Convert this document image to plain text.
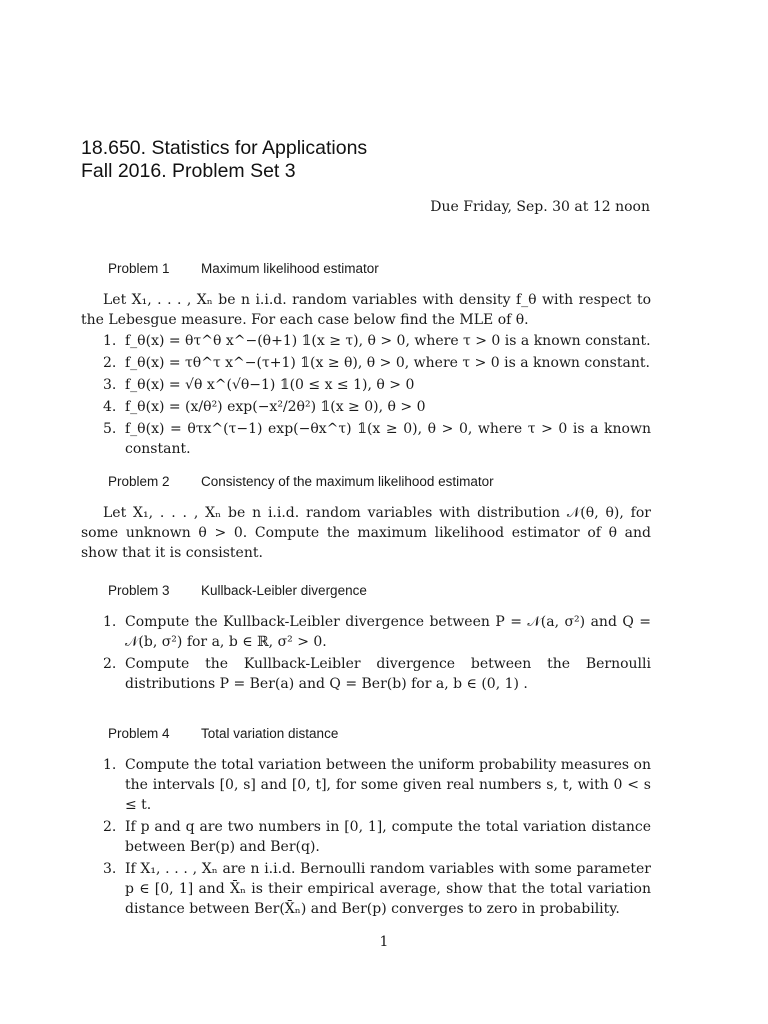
18.650. Statistics for Applications
Fall 2016. Problem Set 3
Due Friday, Sep. 30 at 12 noon
Problem 1 Maximum likelihood estimator
Let X₁, . . . , Xₙ be n i.i.d. random variables with density f_θ with respect to the Lebesgue measure. For each case below find the MLE of θ.
1. f_θ(x) = θτ^θ x^−(θ+1) 𝟙(x ≥ τ), θ > 0, where τ > 0 is a known constant.
2. f_θ(x) = τθ^τ x^−(τ+1) 𝟙(x ≥ θ), θ > 0, where τ > 0 is a known constant.
3. f_θ(x) = √θ x^(√θ−1) 𝟙(0 ≤ x ≤ 1), θ > 0
4. f_θ(x) = (x/θ²) exp(−x²/2θ²) 𝟙(x ≥ 0), θ > 0
5. f_θ(x) = θτx^(τ−1) exp(−θx^τ) 𝟙(x ≥ 0), θ > 0, where τ > 0 is a known constant.
Problem 2 Consistency of the maximum likelihood estimator
Let X₁, . . . , Xₙ be n i.i.d. random variables with distribution 𝒩(θ, θ), for some unknown θ > 0. Compute the maximum likelihood estimator of θ and show that it is consistent.
Problem 3 Kullback-Leibler divergence
1. Compute the Kullback-Leibler divergence between P = 𝒩(a, σ²) and Q = 𝒩(b, σ²) for a, b ∈ ℝ, σ² > 0.
2. Compute the Kullback-Leibler divergence between the Bernoulli distributions P = Ber(a) and Q = Ber(b) for a, b ∈ (0, 1) .
Problem 4 Total variation distance
1. Compute the total variation between the uniform probability measures on the intervals [0, s] and [0, t], for some given real numbers s, t, with 0 < s ≤ t.
2. If p and q are two numbers in [0, 1], compute the total variation distance between Ber(p) and Ber(q).
3. If X₁, . . . , Xₙ are n i.i.d. Bernoulli random variables with some parameter p ∈ [0, 1] and X̄ₙ is their empirical average, show that the total variation distance between Ber(X̄ₙ) and Ber(p) converges to zero in probability.
1
